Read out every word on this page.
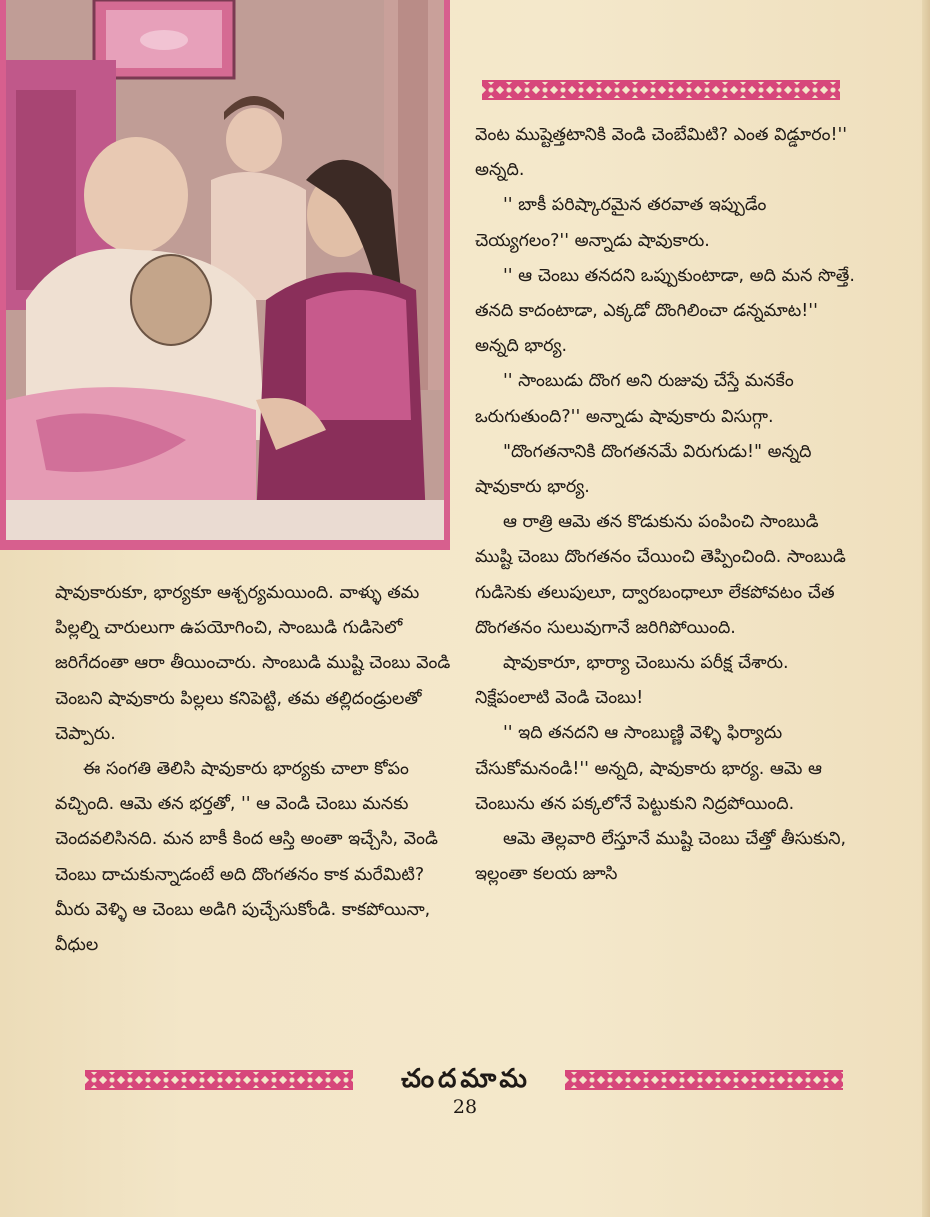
షావుకారుకూ, భార్యకూ ఆశ్చర్యమయింది. వాళ్ళు తమ పిల్లల్ని చారులుగా ఉపయోగించి, సాంబుడి గుడిసెలో జరిగేదంతా ఆరా తీయించారు. సాంబుడి ముష్టి చెంబు వెండి చెంబని షావుకారు పిల్లలు కనిపెట్టి, తమ తల్లిదండ్రులతో చెప్పారు.

ఈ సంగతి తెలిసి షావుకారు భార్యకు చాలా కోపం వచ్చింది. ఆమె తన భర్తతో, '' ఆ వెండి చెంబు మనకు చెందవలిసినది. మన బాకీ కింద ఆస్తి అంతా ఇచ్చేసి, వెండి చెంబు దాచుకున్నాడంటే అది దొంగతనం కాక మరేమిటి? మీరు వెళ్ళి ఆ చెంబు అడిగి పుచ్చేసుకోండి. కాకపోయినా, వీధుల

వెంట ముష్టెత్తటానికి వెండి చెంబేమిటి? ఎంత విడ్డూరం!'' అన్నది.

'' బాకీ పరిష్కారమైన తరవాత ఇప్పుడేం చెయ్యగలం?'' అన్నాడు షావుకారు.

'' ఆ చెంబు తనదని ఒప్పుకుంటాడా, అది మన సొత్తే. తనది కాదంటాడా, ఎక్కడో దొంగిలించా డన్నమాట!'' అన్నది భార్య.

'' సాంబుడు దొంగ అని రుజువు చేస్తే మనకేం ఒరుగుతుంది?'' అన్నాడు షావుకారు విసుగ్గా.

"దొంగతనానికి దొంగతనమే విరుగుడు!" అన్నది షావుకారు భార్య.

ఆ రాత్రి ఆమె తన కొడుకును పంపించి సాంబుడి ముష్టి చెంబు దొంగతనం చేయించి తెప్పించింది. సాంబుడి గుడిసెకు తలుపులూ, ద్వారబంధాలూ లేకపోవటం చేత దొంగతనం సులువుగానే జరిగిపోయింది.

షావుకారూ, భార్యా చెంబును పరీక్ష చేశారు. నిక్షేపంలాటి వెండి చెంబు!

'' ఇది తనదని ఆ సాంబుణ్ణి వెళ్ళి ఫిర్యాదు చేసుకోమనండి!'' అన్నది, షావుకారు భార్య. ఆమె ఆ చెంబును తన పక్కలోనే పెట్టుకుని నిద్రపోయింది.

ఆమె తెల్లవారి లేస్తూనే ముష్టి చెంబు చేత్తో తీసుకుని, ఇల్లంతా కలయ జూసి

చందమామ
28
